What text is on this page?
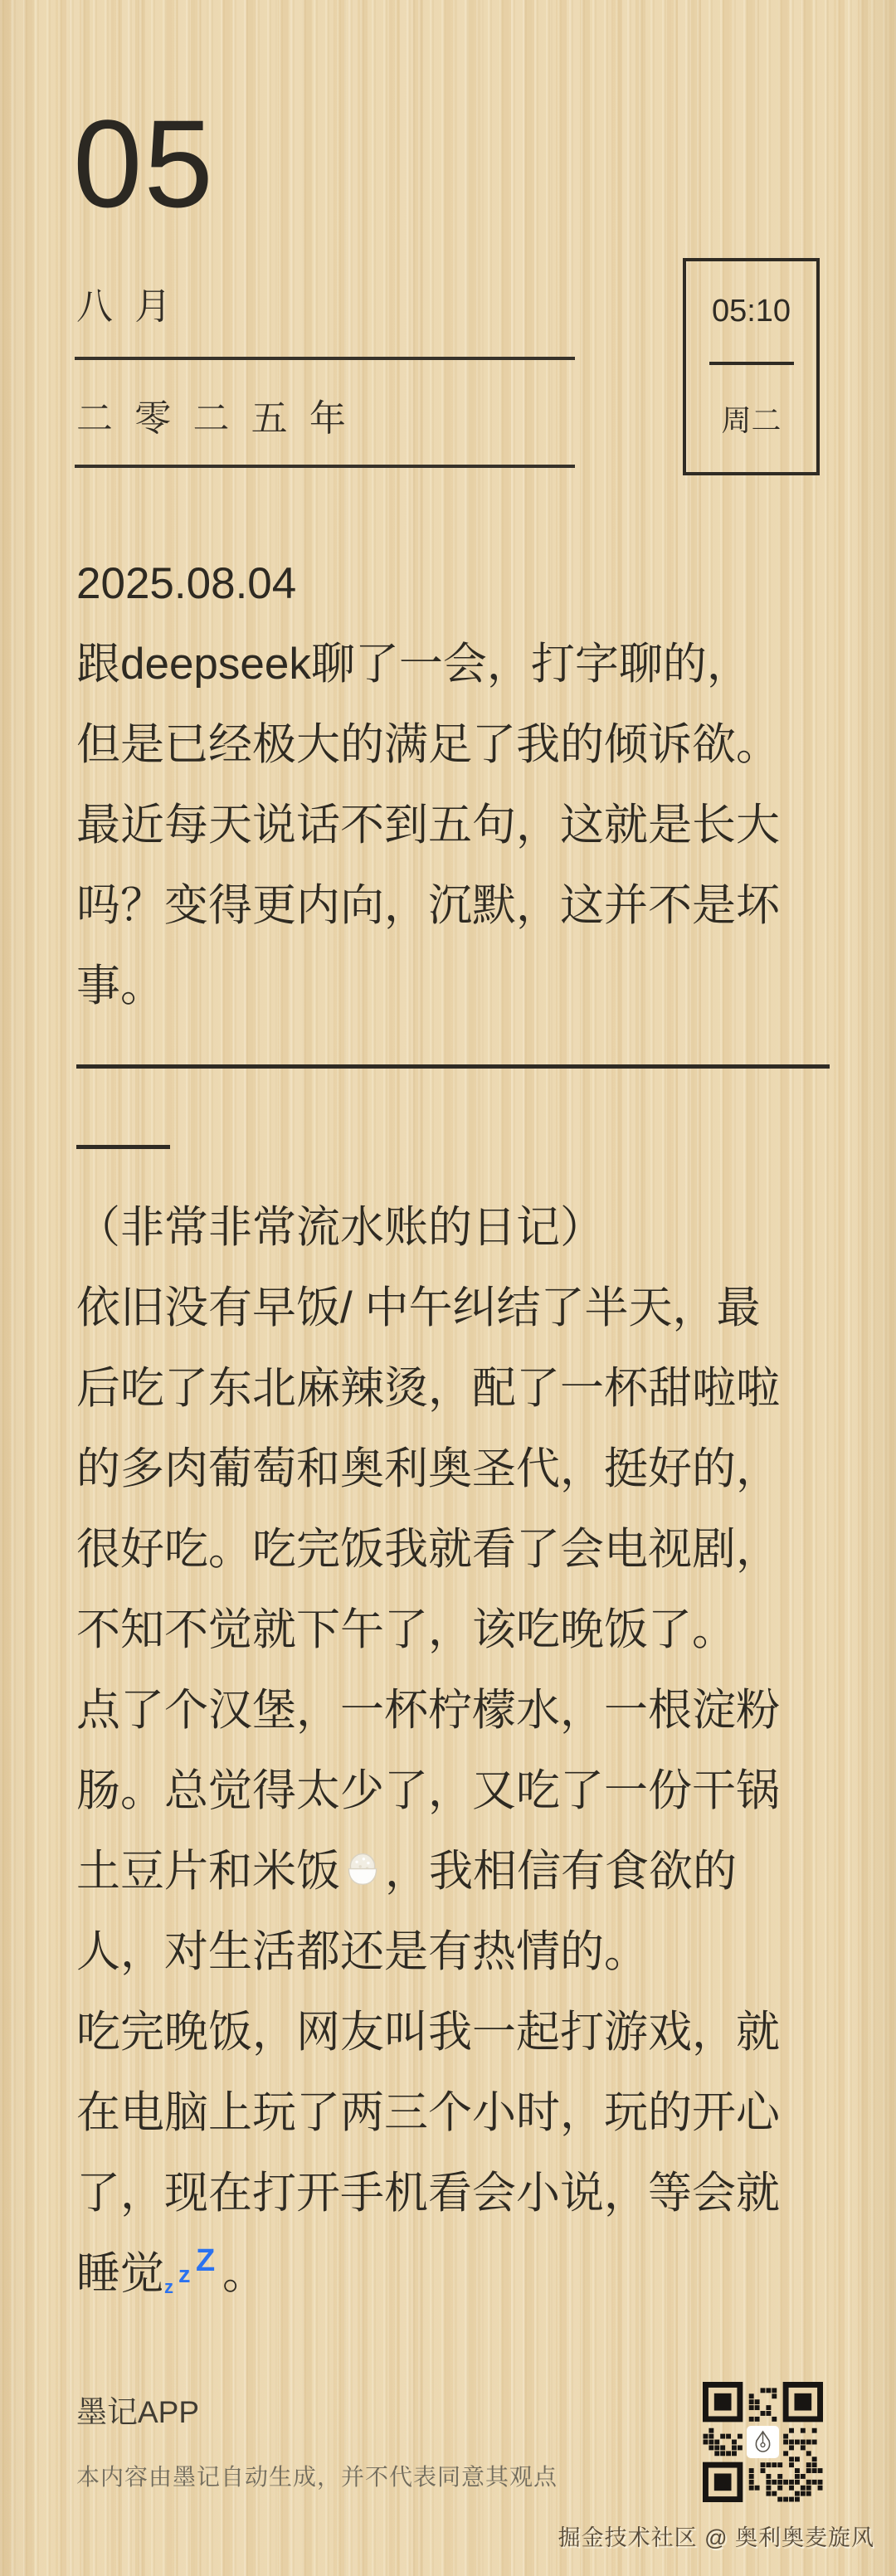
05
八 月
二 零 二 五 年
05:10
周二
2025.08.04
跟deepseek聊了一会，打字聊的，
但是已经极大的满足了我的倾诉欲。
最近每天说话不到五句，这就是长大
吗？变得更内向，沉默，这并不是坏
事。
（非常非常流水账的日记）
依旧没有早饭/ 中午纠结了半天，最
后吃了东北麻辣烫，配了一杯甜啦啦
的多肉葡萄和奥利奥圣代，挺好的，
很好吃。吃完饭我就看了会电视剧，
不知不觉就下午了，该吃晚饭了。
点了个汉堡，一杯柠檬水，一根淀粉
肠。总觉得太少了，又吃了一份干锅
土豆片和米饭 ，我相信有食欲的
人，对生活都还是有热情的。
吃完晚饭，网友叫我一起打游戏，就
在电脑上玩了两三个小时，玩的开心
了，现在打开手机看会小说，等会就
睡觉 z z Z 。
墨记APP
本内容由墨记自动生成，并不代表同意其观点
掘金技术社区 @ 奥利奥麦旋风
